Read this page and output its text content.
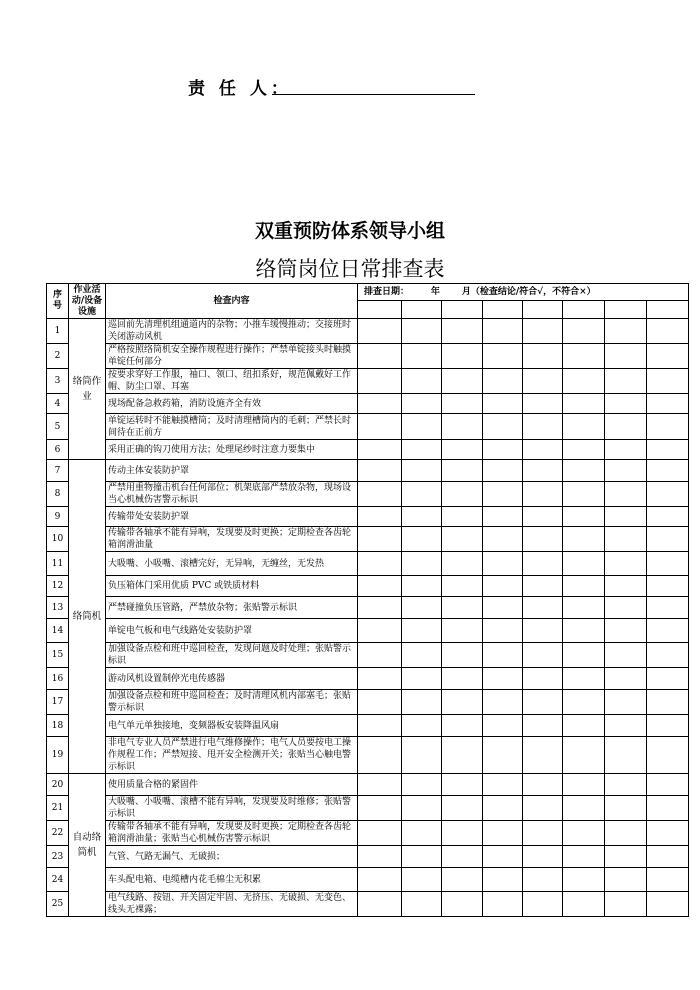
责 任 人：
双重预防体系领导小组
络筒岗位日常排查表
序号	作业活动/设备设施	检查内容	排查日期：       年       月（检查结论/符合√，不符合×）							

1	络筒作业	巡回前先清理机组通道内的杂物；小推车缓慢推动；交接班时关闭游动风机								
2		严格按照络筒机安全操作规程进行操作；严禁单锭接头时触摸单锭任何部分								
3		按要求穿好工作服，袖口、领口、纽扣系好，规范佩戴好工作帽、防尘口罩、耳塞								
4		现场配备急救药箱，消防设施齐全有效								
5		单锭运转时不能触摸槽筒；及时清理槽筒内的毛刺；严禁长时间待在正前方								
6		采用正确的钩刀使用方法；处理尾纱时注意力要集中								
7	络筒机	传动主体安装防护罩								
8		严禁用重物撞击机台任何部位；机架底部严禁放杂物，现场设当心机械伤害警示标识								
9		传输带处安装防护罩								
10		传输带各轴承不能有异响，发现要及时更换；定期检查各齿轮箱润滑油量								
11		大吸嘴、小吸嘴、滚槽完好，无异响，无缠丝，无发热								
12		负压箱体门采用优质 PVC 或铁质材料								
13		严禁碰撞负压管路，严禁放杂物；张贴警示标识								
14		单锭电气板和电气线路处安装防护罩								
15		加强设备点检和班中巡回检查，发现问题及时处理；张贴警示标识								
16		游动风机设置制停光电传感器								
17		加强设备点检和班中巡回检查；及时清理风机内部塞毛；张贴警示标识								
18		电气单元单独接地，变频器板安装降温风扇								
19		非电气专业人员严禁进行电气维修操作；电气人员要按电工操作规程工作；严禁短接、甩开安全检测开关；张贴当心触电警示标识								
20	自动络筒机	使用质量合格的紧固件								
21		大吸嘴、小吸嘴、滚槽不能有异响，发现要及时维修；张贴警示标识								
22		传输带各轴承不能有异响，发现要及时更换；定期检查各齿轮箱润滑油量；张贴当心机械伤害警示标识								
23		气管、气路无漏气、无破损；								
24		车头配电箱、电缆槽内花毛棉尘无积累								
25		电气线路、按钮、开关固定牢固、无挤压、无破损、无变色、线头无裸露；								
